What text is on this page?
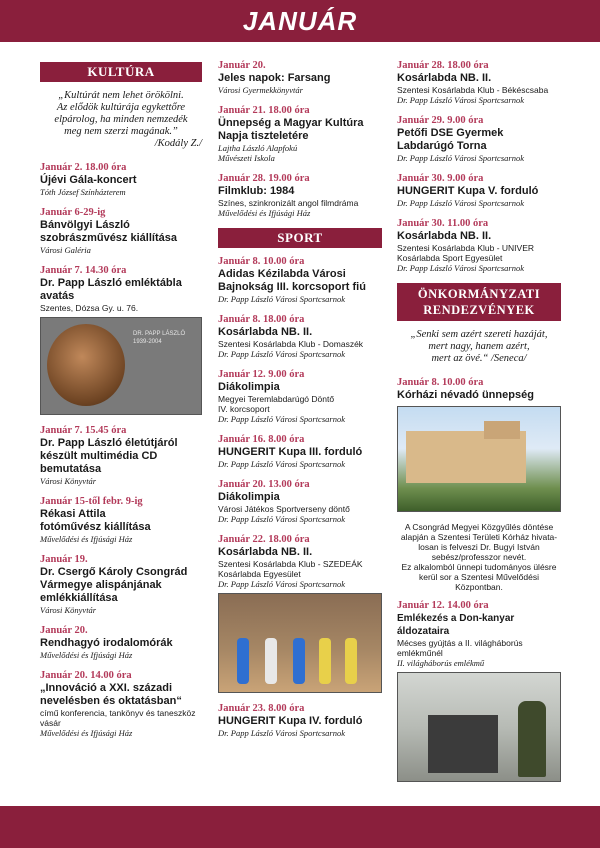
JANUÁR
KULTÚRA
„Kultúrát nem lehet örökölni.
Az elődök kultúrája egykettőre
elpárolog, ha minden nemzedék
meg nem szerzi magának.”
/Kodály Z./
Január 2. 18.00 óra
Újévi Gála-koncert
Tóth József Színházterem
Január 6-29-ig
Bánvölgyi László
szobrászművész kiállítása
Városi Galéria
Január 7. 14.30 óra
Dr. Papp László emléktábla
avatás
Szentes, Dózsa Gy. u. 76.
DR. PAPP LÁSZLÓ
1939-2004
Január 7. 15.45 óra
Dr. Papp László életútjáról
készült multimédia CD
bemutatása
Városi Könyvtár
Január 15-től febr. 9-ig
Rékasi Attila
fotóművész kiállítása
Művelődési és Ifjúsági Ház
Január 19.
Dr. Csergő Károly Csongrád
Vármegye alispánjának
emlékkiállítása
Városi Könyvtár
Január 20.
Rendhagyó irodalomórák
Művelődési és Ifjúsági Ház
Január 20. 14.00 óra
„Innováció a XXI. századi
nevelésben és oktatásban“
című konferencia, tankönyv és taneszköz
vásár
Művelődési és Ifjúsági Ház
Január 20.
Jeles napok: Farsang
Városi Gyermekkönyvtár
Január 21. 18.00 óra
Ünnepség a Magyar Kultúra
Napja tiszteletére
Lajtha László Alapfokú
Művészeti Iskola
Január 28. 19.00 óra
Filmklub: 1984
Színes, szinkronizált angol filmdráma
Művelődési és Ifjúsági Ház
SPORT
Január 8. 10.00 óra
Adidas Kézilabda Városi
Bajnokság III. korcsoport fiú
Dr. Papp László Városi Sportcsarnok
Január 8. 18.00 óra
Kosárlabda NB. II.
Szentesi Kosárlabda Klub - Domaszék
Dr. Papp László Városi Sportcsarnok
Január 12. 9.00 óra
Diákolimpia
Megyei Teremlabdarúgó Döntő
IV. korcsoport
Dr. Papp László Városi Sportcsarnok
Január 16. 8.00 óra
HUNGERIT Kupa III. forduló
Dr. Papp László Városi Sportcsarnok
Január 20. 13.00 óra
Diákolimpia
Városi Játékos Sportverseny döntő
Dr. Papp László Városi Sportcsarnok
Január 22. 18.00 óra
Kosárlabda NB. II.
Szentesi Kosárlabda Klub - SZEDEÁK
Kosárlabda Egyesület
Dr. Papp László Városi Sportcsarnok
Január 23. 8.00 óra
HUNGERIT Kupa IV. forduló
Dr. Papp László Városi Sportcsarnok
Január 28. 18.00 óra
Kosárlabda NB. II.
Szentesi Kosárlabda Klub - Békéscsaba
Dr. Papp László Városi Sportcsarnok
Január 29. 9.00 óra
Petőfi DSE Gyermek
Labdarúgó Torna
Dr. Papp László Városi Sportcsarnok
Január 30. 9.00 óra
HUNGERIT Kupa V. forduló
Dr. Papp László Városi Sportcsarnok
Január 30. 11.00 óra
Kosárlabda NB. II.
Szentesi Kosárlabda Klub - UNIVER
Kosárlabda Sport Egyesület
Dr. Papp László Városi Sportcsarnok
ÖNKORMÁNYZATI
RENDEZVÉNYEK
„Senki sem azért szereti hazáját,
mert nagy, hanem azért,
mert az övé.“ /Seneca/
Január 8. 10.00 óra
Kórházi névadó ünnepség
A Csongrád Megyei Közgyűlés döntése
alapján a Szentesi Területi Kórház hivata-
losan is felveszi Dr. Bugyi István
sebész/professzor nevét.
Ez alkalomból ünnepi tudományos ülésre
kerül sor a Szentesi Művelődési
Központban.
Január 12. 14.00 óra
Emlékezés a Don-kanyar áldozataira
Mécses gyújtás a II. világháborús
emlékműnél
II. világháborús emlékmű
